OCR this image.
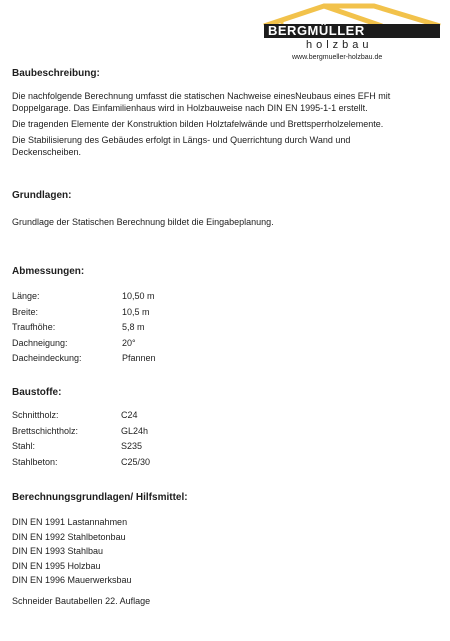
BERGMÜLLER
holzbau
www.bergmueller-holzbau.de
Baubeschreibung:
Die nachfolgende Berechnung umfasst die statischen Nachweise einesNeubaus eines EFH mit
Doppelgarage. Das Einfamilienhaus wird in Holzbauweise nach DIN EN 1995-1-1 erstellt.
Die tragenden Elemente der Konstruktion bilden Holztafelwände und Brettsperrholzelemente.
Die Stabilisierung des Gebäudes erfolgt in Längs- und Querrichtung durch Wand und
Deckenscheiben.
Grundlagen:
Grundlage der Statischen Berechnung bildet die Eingabeplanung.
Abmessungen:
Länge:	10,50 m
Breite:	10,5 m
Traufhöhe:	5,8 m
Dachneigung:	20°
Dacheindeckung:	Pfannen
Baustoffe:
Schnittholz:	C24
Brettschichtholz:	GL24h
Stahl:	S235
Stahlbeton:	C25/30
Berechnungsgrundlagen/ Hilfsmittel:
DIN EN 1991 Lastannahmen
DIN EN 1992 Stahlbetonbau
DIN EN 1993 Stahlbau
DIN EN 1995 Holzbau
DIN EN 1996 Mauerwerksbau
Schneider Bautabellen 22. Auflage
